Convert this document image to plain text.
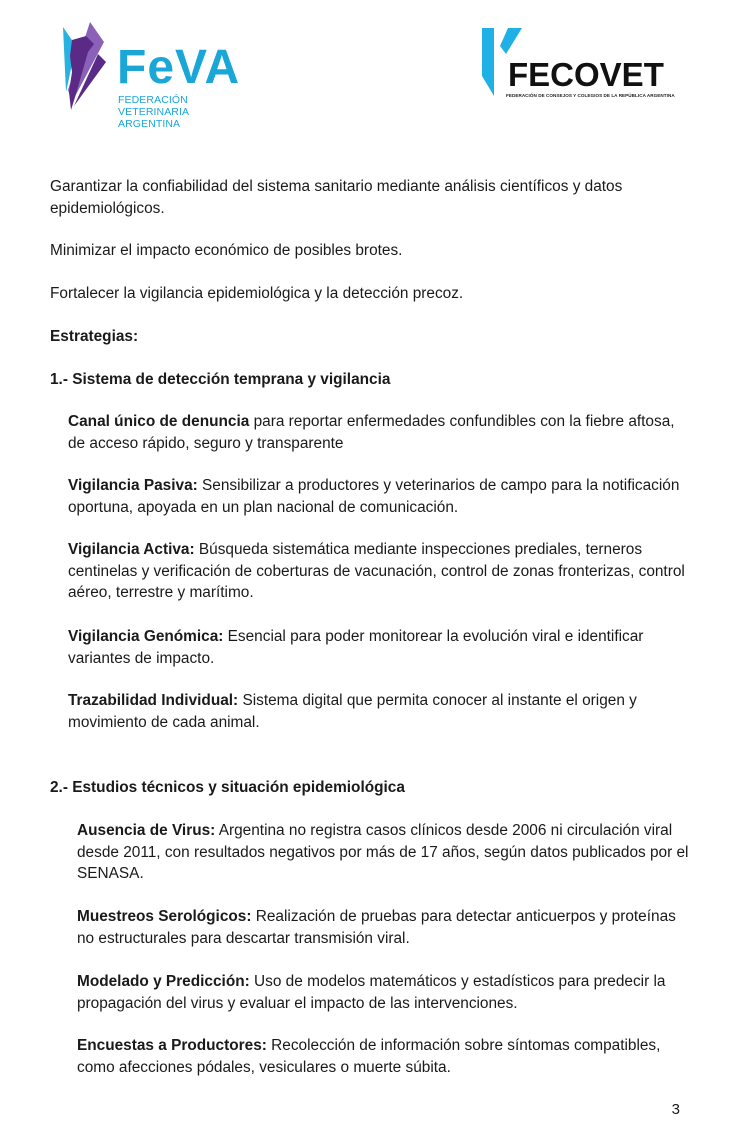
FeVA
FEDERACIÓN VETERINARIA
ARGENTINA
FECOVET
FEDERACIÓN DE CONSEJOS Y COLEGIOS DE LA REPÚBLICA ARGENTINA

Garantizar la confiabilidad del sistema sanitario mediante análisis científicos y datos epidemiológicos.

Minimizar el impacto económico de posibles brotes.

Fortalecer la vigilancia epidemiológica y la detección precoz.

Estrategias:

1.- Sistema de detección temprana y vigilancia

Canal único de denuncia para reportar enfermedades confundibles con la fiebre aftosa, de acceso rápido, seguro y transparente

Vigilancia Pasiva: Sensibilizar a productores y veterinarios de campo para la notificación oportuna, apoyada en un plan nacional de comunicación.

Vigilancia Activa: Búsqueda sistemática mediante inspecciones prediales, terneros centinelas y verificación de coberturas de vacunación, control de zonas fronterizas, control aéreo, terrestre y marítimo.

Vigilancia Genómica: Esencial para poder monitorear la evolución viral e identificar variantes de impacto.

Trazabilidad Individual: Sistema digital que permita conocer al instante el origen y movimiento de cada animal.

2.- Estudios técnicos y situación epidemiológica

Ausencia de Virus: Argentina no registra casos clínicos desde 2006 ni circulación viral desde 2011, con resultados negativos por más de 17 años, según datos publicados por el SENASA.

Muestreos Serológicos: Realización de pruebas para detectar anticuerpos y proteínas no estructurales para descartar transmisión viral.

Modelado y Predicción: Uso de modelos matemáticos y estadísticos para predecir la propagación del virus y evaluar el impacto de las intervenciones.

Encuestas a Productores: Recolección de información sobre síntomas compatibles, como afecciones pódales, vesiculares o muerte súbita.

3
